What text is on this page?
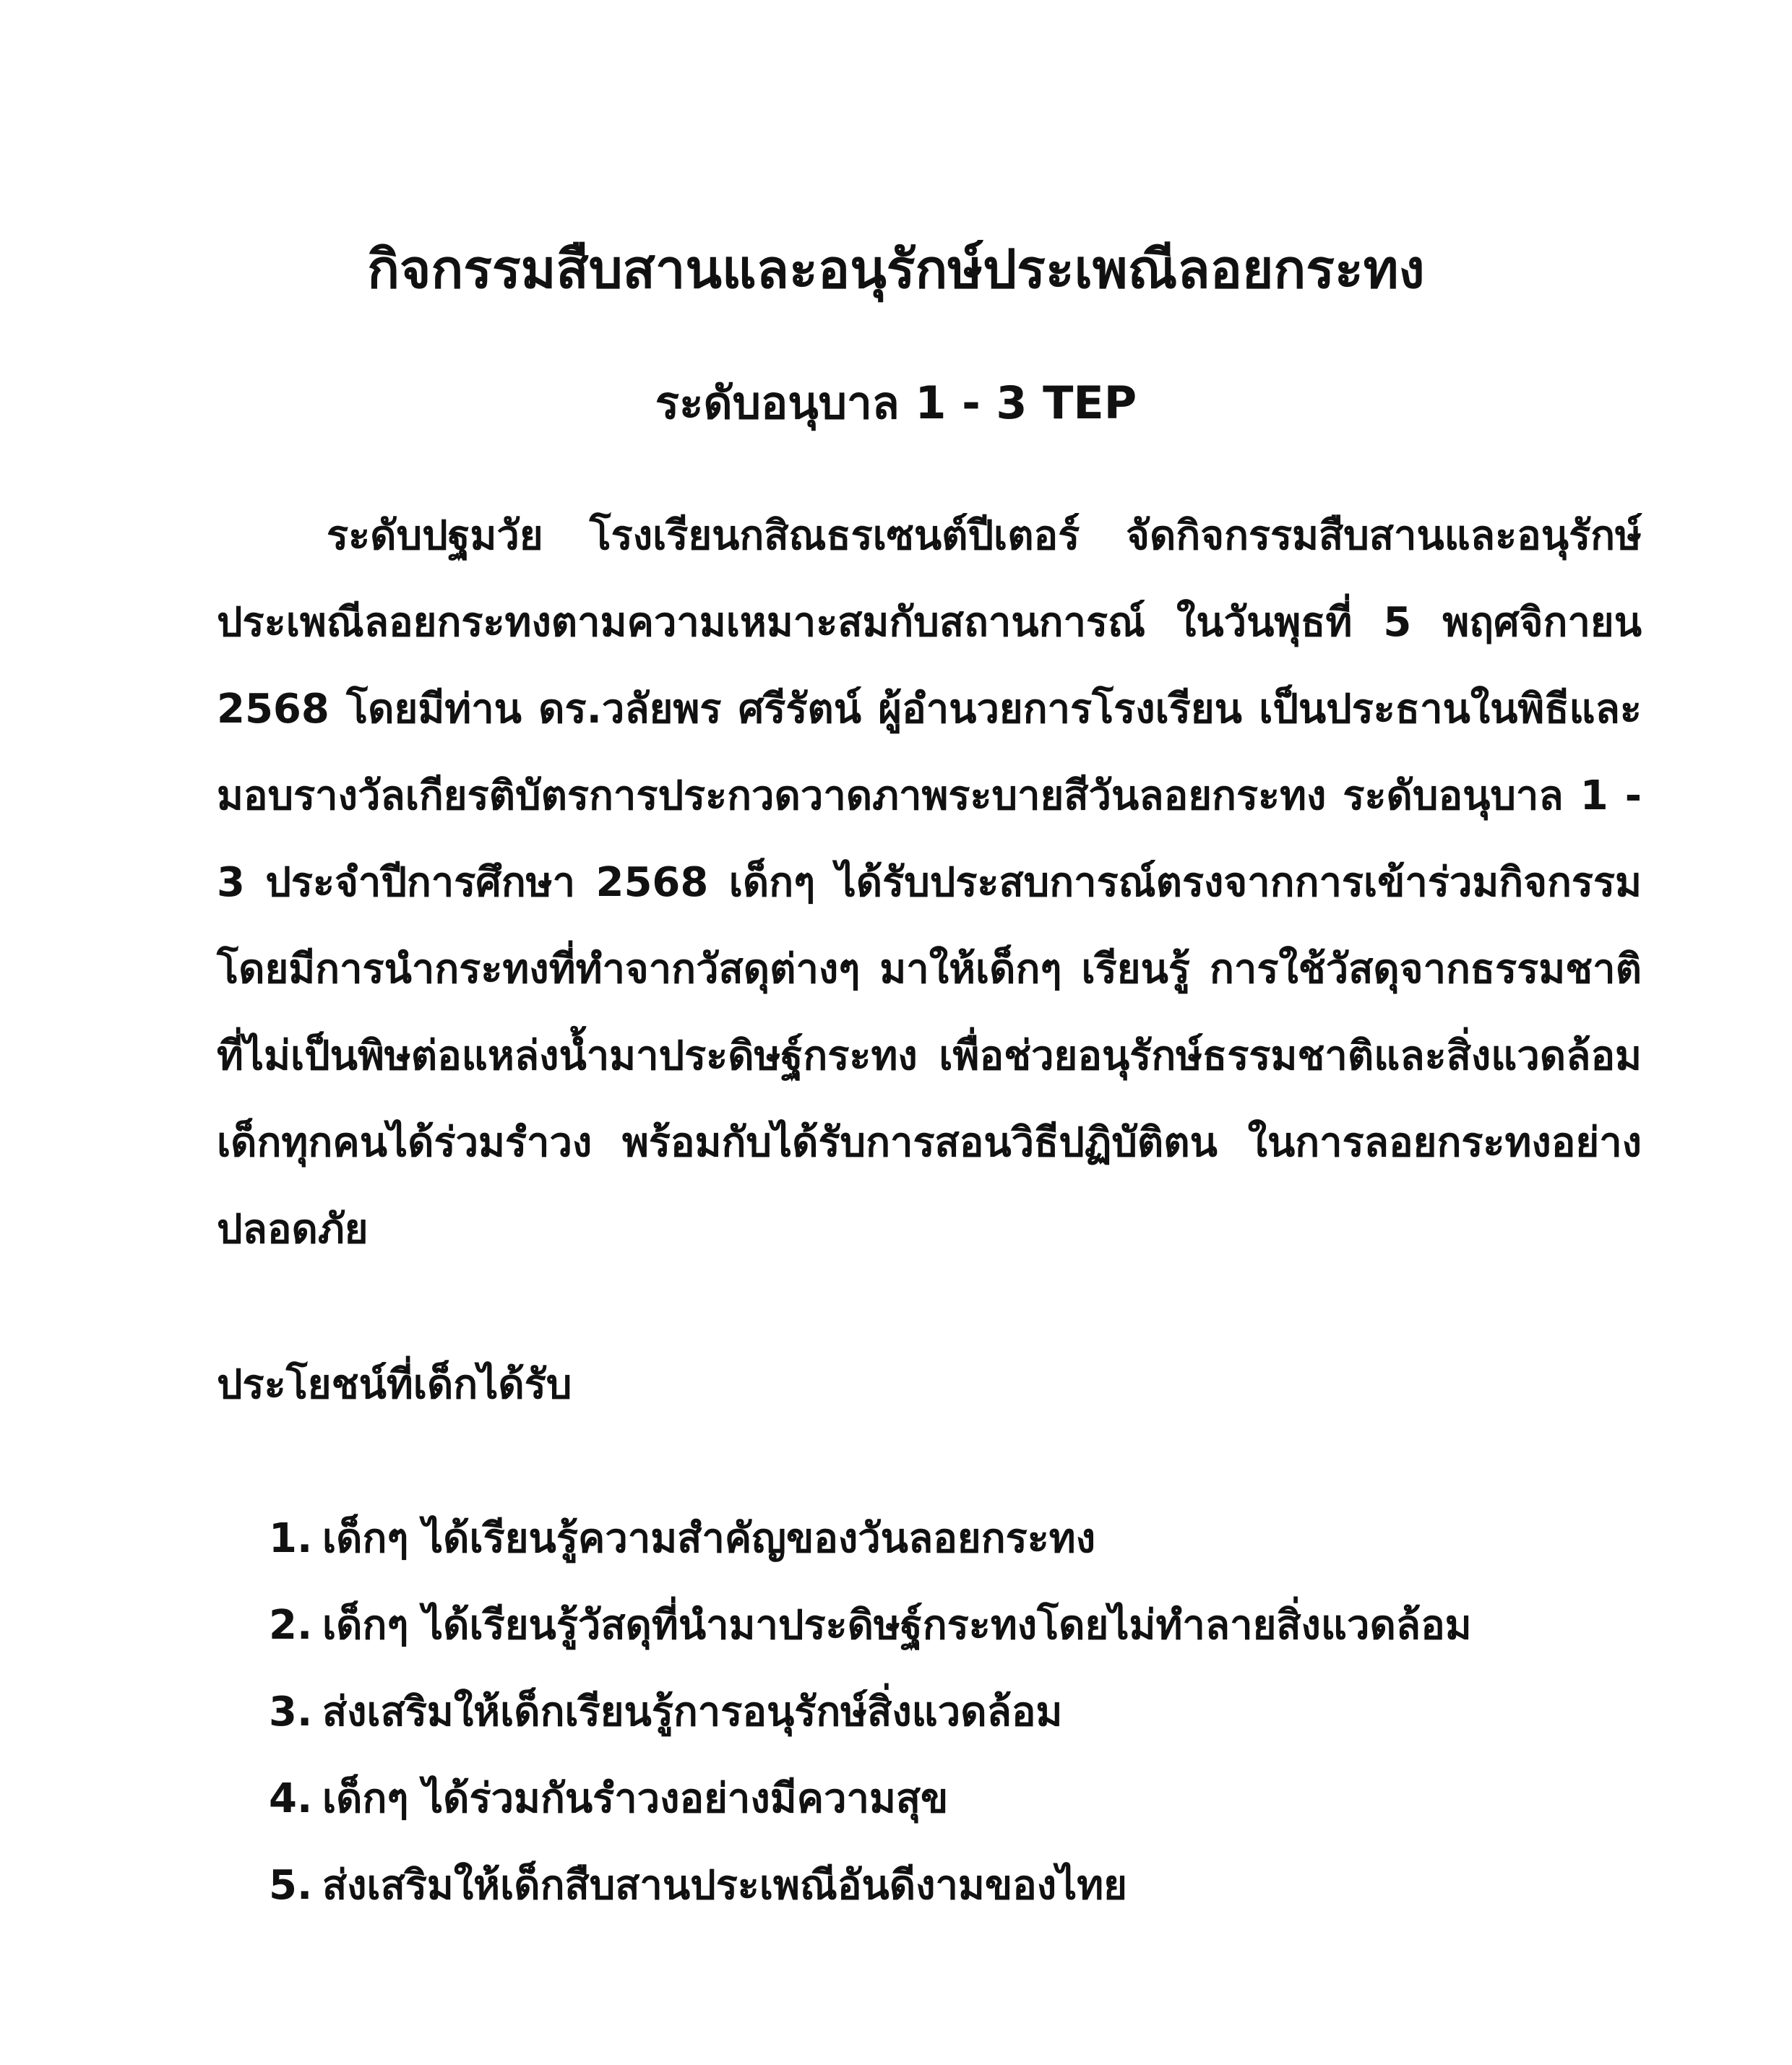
กิจกรรมสืบสานและอนุรักษ์ประเพณีลอยกระทง
ระดับอนุบาล 1 - 3 TEP

ระดับปฐมวัย โรงเรียนกสิณธรเซนต์ปีเตอร์ จัดกิจกรรมสืบสานและอนุรักษ์ประเพณีลอยกระทงตามความเหมาะสมกับสถานการณ์ ในวันพุธที่ 5 พฤศจิกายน 2568 โดยมีท่าน ดร.วลัยพร ศรีรัตน์ ผู้อำนวยการโรงเรียน เป็นประธานในพิธีและมอบรางวัลเกียรติบัตรการประกวดวาดภาพระบายสีวันลอยกระทง ระดับอนุบาล 1 - 3 ประจำปีการศึกษา 2568 เด็กๆ ได้รับประสบการณ์ตรงจากการเข้าร่วมกิจกรรม โดยมีการนำกระทงที่ทำจากวัสดุต่างๆ มาให้เด็กๆ เรียนรู้ การใช้วัสดุจากธรรมชาติ ที่ไม่เป็นพิษต่อแหล่งน้ำมาประดิษฐ์กระทง เพื่อช่วยอนุรักษ์ธรรมชาติและสิ่งแวดล้อม เด็กทุกคนได้ร่วมรำวง พร้อมกับได้รับการสอนวิธีปฏิบัติตน ในการลอยกระทงอย่างปลอดภัย

ประโยชน์ที่เด็กได้รับ

1. เด็กๆ ได้เรียนรู้ความสำคัญของวันลอยกระทง
2. เด็กๆ ได้เรียนรู้วัสดุที่นำมาประดิษฐ์กระทงโดยไม่ทำลายสิ่งแวดล้อม
3. ส่งเสริมให้เด็กเรียนรู้การอนุรักษ์สิ่งแวดล้อม
4. เด็กๆ ได้ร่วมกันรำวงอย่างมีความสุข
5. ส่งเสริมให้เด็กสืบสานประเพณีอันดีงามของไทย
